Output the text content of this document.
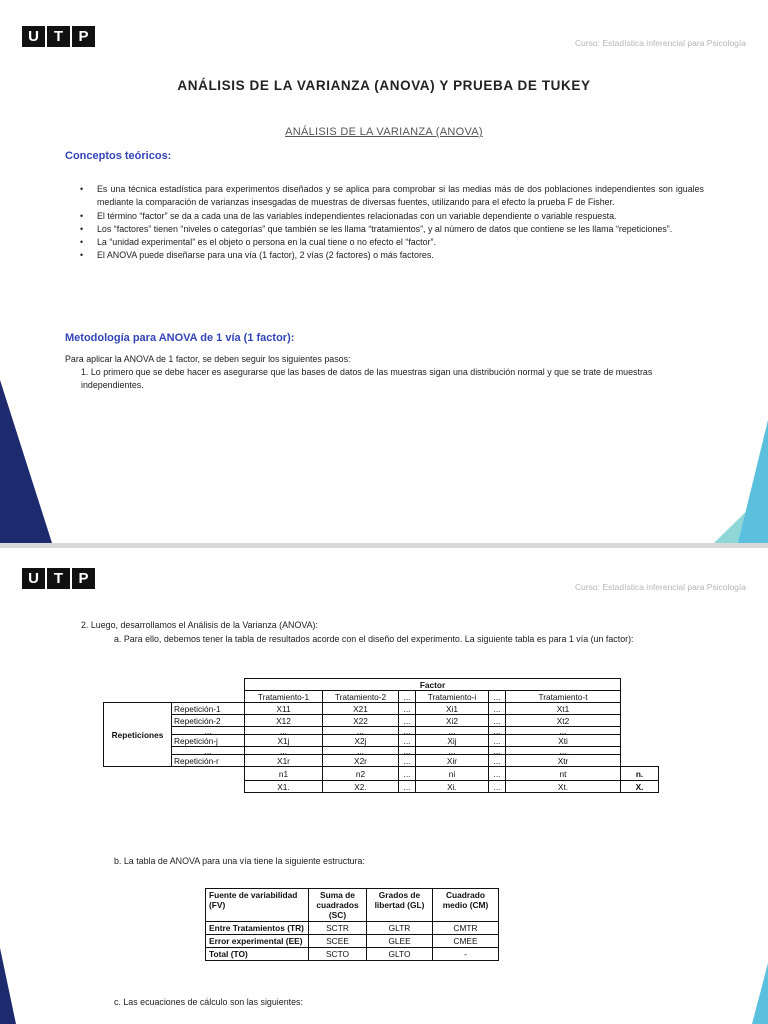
U T	P	Curso: Estadística inferencial para Psicología
ANÁLISIS DE LA VARIANZA (ANOVA) Y PRUEBA DE TUKEY
ANÁLISIS DE LA VARIANZA (ANOVA)
Conceptos teóricos:
• Es una técnica estadística para experimentos diseñados y se aplica para comprobar si las medias más de dos poblaciones independientes son iguales mediante la comparación de varianzas insesgadas de muestras de diversas fuentes, utilizando para el efecto la prueba F de Fisher.
• El término “factor” se da a cada una de las variables independientes relacionadas con un variable dependiente o variable respuesta.
• Los “factores” tienen “niveles o categorías” que también se les llama “tratamientos”, y al número de datos que contiene se les llama “repeticiones”.
• La “unidad experimental” es el objeto o persona en la cual tiene o no efecto el “factor”.
• El ANOVA puede diseñarse para una vía (1 factor), 2 vías (2 factores) o más factores.
Metodología para ANOVA de 1 vía (1 factor):
Para aplicar la ANOVA de 1 factor, se deben seguir los siguientes pasos:
1. Lo primero que se debe hacer es asegurarse que las bases de datos de las muestras sigan una distribución normal y que se trate de muestras independientes.
U T	P	Curso: Estadística inferencial para Psicología
2. Luego, desarrollamos el Análisis de la Varianza (ANOVA):
a. Para ello, debemos tener la tabla de resultados acorde con el diseño del experimento. La siguiente tabla es para 1 vía (un factor):
		Factor						
		Tratamiento-1	Tratamiento-2	...	Tratamiento-i	...	Tratamiento-t	
Repeticiones	Repetición-1	X11	X21	...	Xi1	...	Xt1	
	Repetición-2	X12	X22	...	Xi2	...	Xt2	
	...	...	...	...	...	...	...	
	Repetición-j	X1j	X2j	...	Xij	...	Xti	
	...	...	...	...	...	...	...	
	Repetición-r	X1r	X2r	...	Xir	...	Xtr	
		n1	n2	...	ni	...	nt	n.
		X1.	X2.	...	Xi.	...	Xt.	X.
b. La tabla de ANOVA para una vía tiene la siguiente estructura:
Fuente de variabilidad (FV)	Suma de cuadrados (SC)	Grados de libertad (GL)	Cuadrado medio (CM)
Entre Tratamientos (TR)	SCTR	GLTR	CMTR
Error experimental (EE)	SCEE	GLEE	CMEE
Total (TO)	SCTO	GLTO	-
c. Las ecuaciones de cálculo son las siguientes:
